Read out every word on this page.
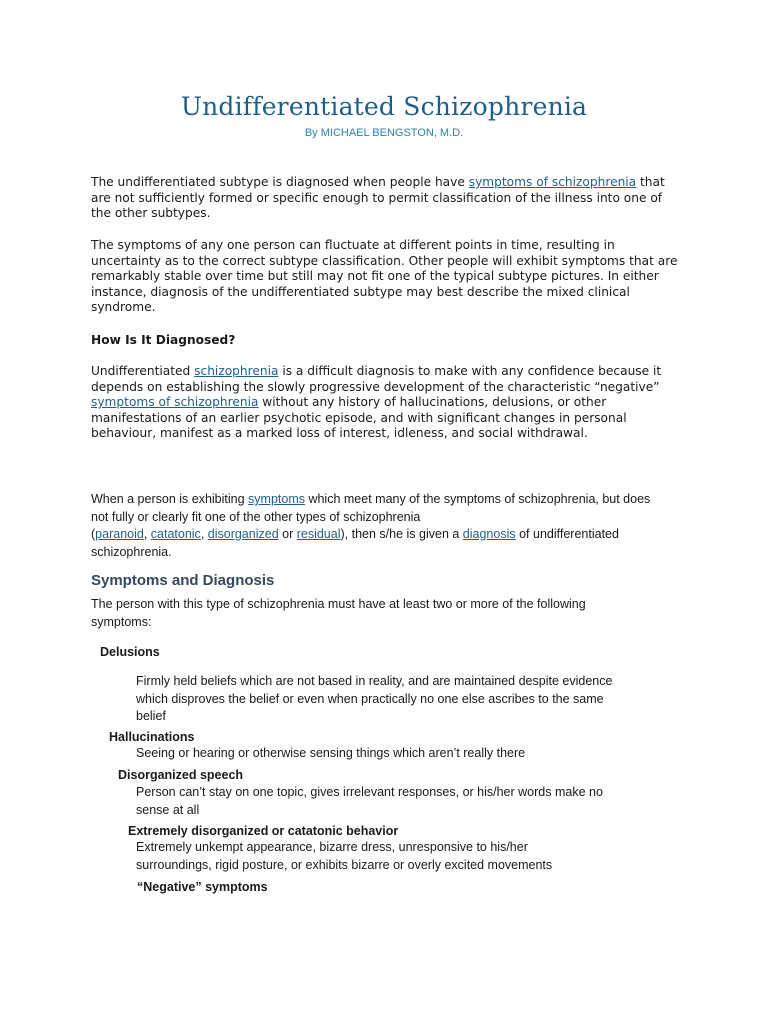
Undifferentiated Schizophrenia

By MICHAEL BENGSTON, M.D.

The undifferentiated subtype is diagnosed when people have symptoms of schizophrenia that are not sufficiently formed or specific enough to permit classification of the illness into one of the other subtypes.

The symptoms of any one person can fluctuate at different points in time, resulting in uncertainty as to the correct subtype classification. Other people will exhibit symptoms that are remarkably stable over time but still may not fit one of the typical subtype pictures. In either instance, diagnosis of the undifferentiated subtype may best describe the mixed clinical syndrome.

How Is It Diagnosed?

Undifferentiated schizophrenia is a difficult diagnosis to make with any confidence because it depends on establishing the slowly progressive development of the characteristic “negative” symptoms of schizophrenia without any history of hallucinations, delusions, or other manifestations of an earlier psychotic episode, and with significant changes in personal behaviour, manifest as a marked loss of interest, idleness, and social withdrawal.

When a person is exhibiting symptoms which meet many of the symptoms of schizophrenia, but does not fully or clearly fit one of the other types of schizophrenia
(paranoid, catatonic, disorganized or residual), then s/he is given a diagnosis of undifferentiated schizophrenia.

Symptoms and Diagnosis

The person with this type of schizophrenia must have at least two or more of the following symptoms:

Delusions

Firmly held beliefs which are not based in reality, and are maintained despite evidence which disproves the belief or even when practically no one else ascribes to the same belief

Hallucinations

Seeing or hearing or otherwise sensing things which aren’t really there

Disorganized speech

Person can’t stay on one topic, gives irrelevant responses, or his/her words make no sense at all

Extremely disorganized or catatonic behavior

Extremely unkempt appearance, bizarre dress, unresponsive to his/her surroundings, rigid posture, or exhibits bizarre or overly excited movements

“Negative” symptoms
